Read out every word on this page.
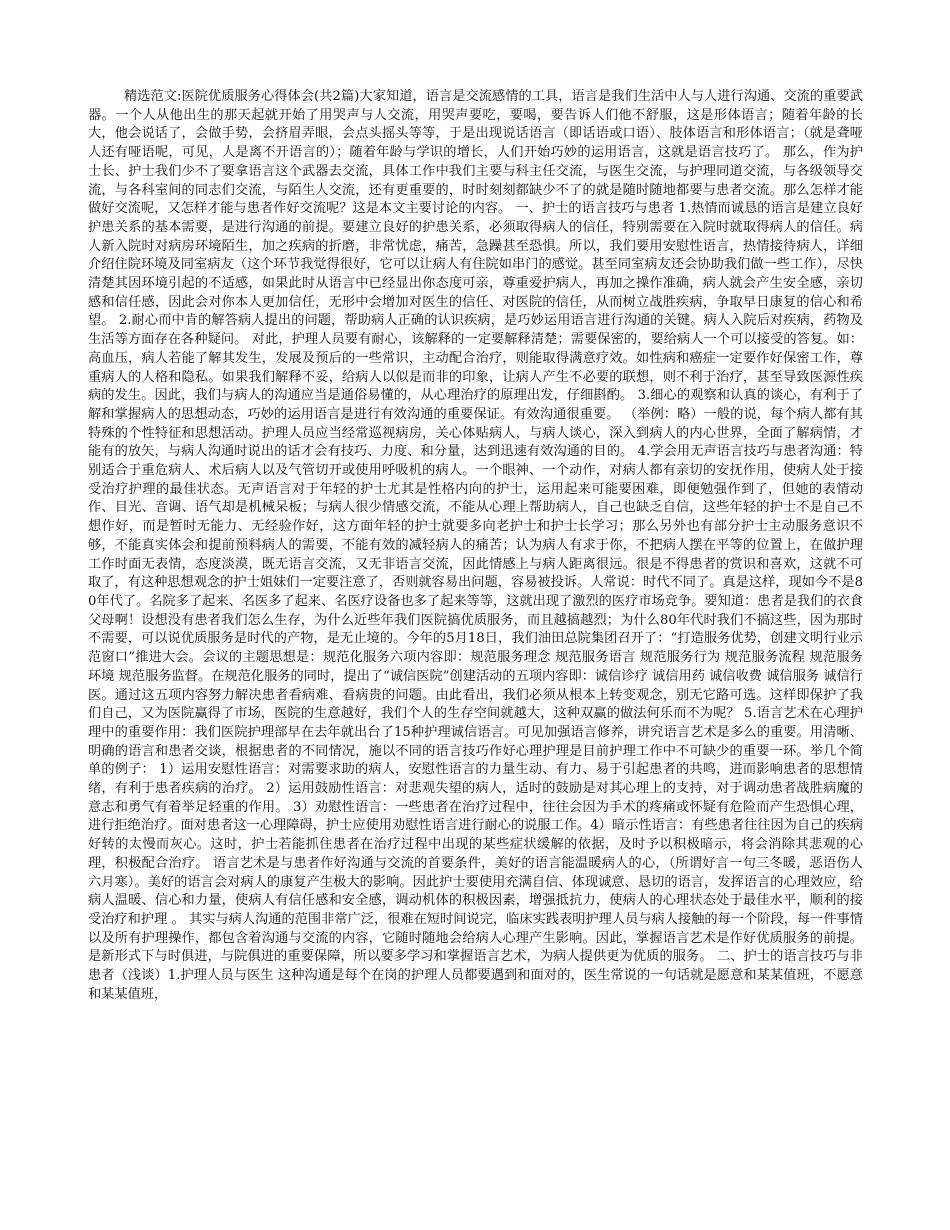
精选范文:医院优质服务心得体会(共2篇)大家知道，语言是交流感情的工具，语言是我们生活中人与人进行沟通、交流的重要武器。一个人从他出生的那天起就开始了用哭声与人交流，用哭声要吃，要喝，要告诉人们他不舒服，这是形体语言；随着年龄的长大，他会说话了，会做手势，会挤眉弄眼，会点头摇头等等，于是出现说话语言（即话语或口语）、肢体语言和形体语言；（就是聋哑人还有哑语呢，可见，人是离不开语言的）；随着年龄与学识的增长，人们开始巧妙的运用语言，这就是语言技巧了。 那么，作为护士长、护士我们少不了要拿语言这个武器去交流，具体工作中我们主要与科主任交流，与医生交流，与护理同道交流，与各级领导交流，与各科室间的同志们交流，与陌生人交流，还有更重要的，时时刻刻都缺少不了的就是随时随地都要与患者交流。那么怎样才能做好交流呢，又怎样才能与患者作好交流呢？这是本文主要讨论的内容。 一、护士的语言技巧与患者 1.热情而诚恳的语言是建立良好护患关系的基本需要，是进行沟通的前提。要建立良好的护患关系，必须取得病人的信任，特别需要在入院时就取得病人的信任。病人新入院时对病房环境陌生，加之疾病的折磨，非常忧虑，痛苦，急躁甚至恐惧。所以，我们要用安慰性语言，热情接待病人，详细介绍住院环境及同室病友（这个环节我觉得很好，它可以让病人有住院如串门的感觉。甚至同室病友还会协助我们做一些工作），尽快清楚其因环境引起的不适感，如果此时从语言中已经显出你态度可亲，尊重爱护病人，再加之操作准确，病人就会产生安全感，亲切感和信任感，因此会对你本人更加信任，无形中会增加对医生的信任、对医院的信任，从而树立战胜疾病，争取早日康复的信心和希望。 2.耐心而中肯的解答病人提出的问题，帮助病人正确的认识疾病，是巧妙运用语言进行沟通的关键。病人入院后对疾病，药物及生活等方面存在各种疑问。 对此，护理人员要有耐心，该解释的一定要解释清楚；需要保密的，要给病人一个可以接受的答复。如：高血压，病人若能了解其发生，发展及预后的一些常识，主动配合治疗，则能取得满意疗效。如性病和癌症一定要作好保密工作，尊重病人的人格和隐私。如果我们解释不妥，给病人以似是而非的印象，让病人产生不必要的联想，则不利于治疗，甚至导致医源性疾病的发生。因此，我们与病人的沟通应当是通俗易懂的，从心理治疗的原理出发，仔细斟酌。 3.细心的观察和认真的谈心，有利于了解和掌握病人的思想动态，巧妙的运用语言是进行有效沟通的重要保证。有效沟通很重要。 （举例：略）一般的说，每个病人都有其特殊的个性特征和思想活动。护理人员应当经常巡视病房，关心体贴病人，与病人谈心，深入到病人的内心世界，全面了解病情，才能有的放矢，与病人沟通时说出的话才会有技巧、力度、和分量，达到迅速有效沟通的目的。 4.学会用无声语言技巧与患者沟通：特别适合于重危病人、术后病人以及气管切开或使用呼吸机的病人。一个眼神、一个动作，对病人都有亲切的安抚作用，使病人处于接受治疗护理的最佳状态。无声语言对于年轻的护士尤其是性格内向的护士，运用起来可能要困难，即便勉强作到了，但她的表情动作、目光、音调、语气却是机械呆板；与病人很少情感交流，不能从心理上帮助病人，自己也缺乏自信，这些年轻的护士不是自己不想作好，而是暂时无能力、无经验作好，这方面年轻的护士就要多向老护士和护士长学习；那么另外也有部分护士主动服务意识不够，不能真实体会和提前预料病人的需要，不能有效的减轻病人的痛苦；认为病人有求于你，不把病人摆在平等的位置上，在做护理工作时面无表情，态度淡漠，既无语言交流，又无非语言交流，因此情感上与病人距离很远。很是不得患者的赏识和喜欢，这就不可取了，有这种思想观念的护士姐妹们一定要注意了，否则就容易出问题，容易被投诉。人常说：时代不同了。真是这样，现如今不是80年代了。名院多了起来、名医多了起来、名医疗设备也多了起来等等，这就出现了激烈的医疗市场竞争。要知道：患者是我们的衣食父母啊！设想没有患者我们怎么生存，为什么近些年我们医院搞优质服务，而且越搞越烈；为什么80年代时我们不搞这些，因为那时不需要，可以说优质服务是时代的产物，是无止境的。今年的5月18日，我们油田总院集团召开了：“打造服务优势，创建文明行业示范窗口”推进大会。会议的主题思想是：规范化服务六项内容即：规范服务理念 规范服务语言 规范服务行为 规范服务流程 规范服务环境 规范服务监督。在规范化服务的同时，提出了“诚信医院”创建活动的五项内容即：诚信诊疗 诚信用药 诚信收费 诚信服务 诚信行医。通过这五项内容努力解决患者看病难、看病贵的问题。由此看出，我们必须从根本上转变观念，别无它路可选。这样即保护了我们自己，又为医院赢得了市场，医院的生意越好，我们个人的生存空间就越大，这种双赢的做法何乐而不为呢？ 5.语言艺术在心理护理中的重要作用：我们医院护理部早在去年就出台了15种护理诚信语言。可见加强语言修养，讲究语言艺术是多么的重要。用清晰、明确的语言和患者交谈，根据患者的不同情况，施以不同的语言技巧作好心理护理是目前护理工作中不可缺少的重要一环。举几个简单的例子： 1）运用安慰性语言：对需要求助的病人，安慰性语言的力量生动、有力、易于引起患者的共鸣，进而影响患者的思想情绪，有利于患者疾病的治疗。 2）运用鼓励性语言：对悲观失望的病人，适时的鼓励是对其心理上的支持，对于调动患者战胜病魔的意志和勇气有着举足轻重的作用。 3）劝慰性语言：一些患者在治疗过程中，往往会因为手术的疼痛或怀疑有危险而产生恐惧心理，进行拒绝治疗。面对患者这一心理障碍，护士应使用劝慰性语言进行耐心的说服工作。4）暗示性语言：有些患者往往因为自己的疾病好转的太慢而灰心。这时，护士若能抓住患者在治疗过程中出现的某些症状缓解的依据，及时予以积极暗示，将会消除其悲观的心理，积极配合治疗。 语言艺术是与患者作好沟通与交流的首要条件，美好的语言能温暖病人的心，（所谓好言一句三冬暖，恶语伤人六月寒）。美好的语言会对病人的康复产生极大的影响。因此护士要使用充满自信、体现诚意、恳切的语言，发挥语言的心理效应，给病人温暖、信心和力量，使病人有信任感和安全感，调动机体的积极因素，增强抵抗力，使病人的心理状态处于最佳水平，顺利的接受治疗和护理 。 其实与病人沟通的范围非常广泛，很难在短时间说完，临床实践表明护理人员与病人接触的每一个阶段，每一件事情以及所有护理操作，都包含着沟通与交流的内容，它随时随地会给病人心理产生影响。因此，掌握语言艺术是作好优质服务的前提。是新形式下与时俱进，与院俱进的重要保障，所以要多学习和掌握语言艺术，为病人提供更为优质的服务。 二、护士的语言技巧与非患者（浅谈）1.护理人员与医生 这种沟通是每个在岗的护理人员都要遇到和面对的，医生常说的一句话就是愿意和某某值班，不愿意和某某值班，
